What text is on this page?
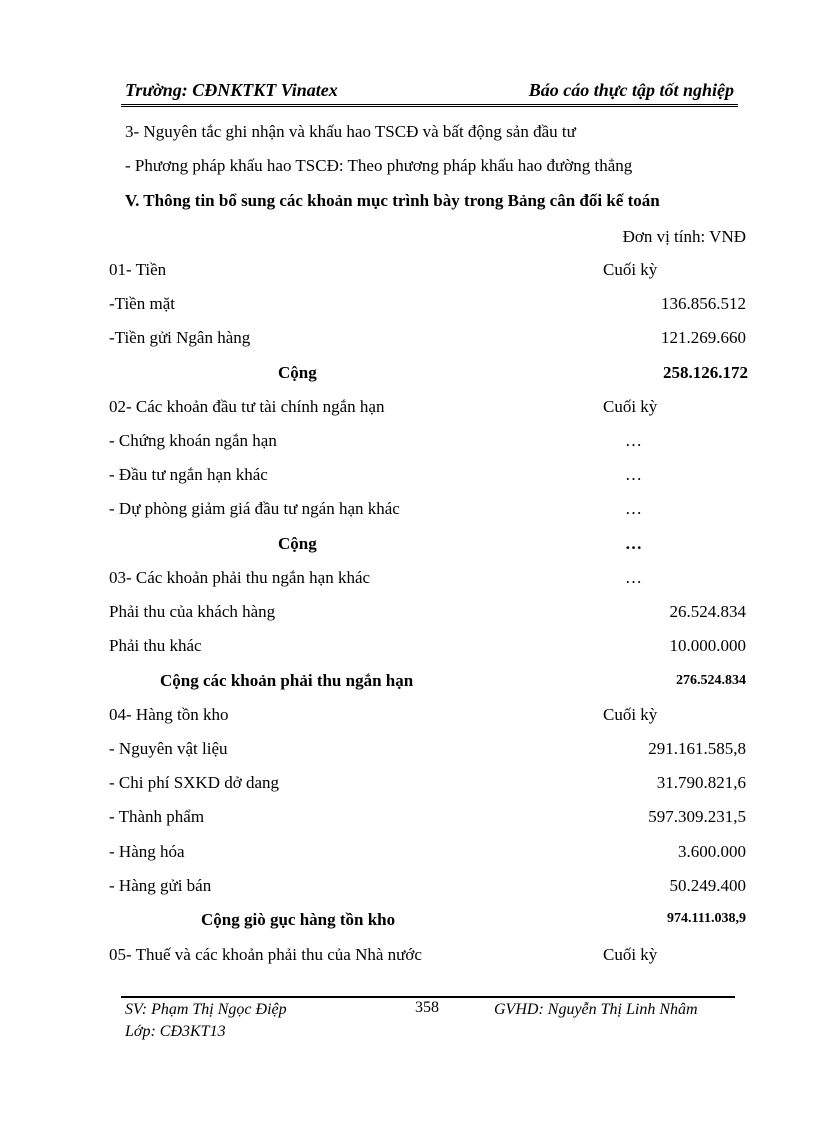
Trường: CĐNKTKT Vinatex	Báo cáo thực tập tốt nghiệp
3- Nguyên tắc ghi nhận và khấu hao TSCĐ và bất động sản đầu tư
- Phương pháp khấu hao TSCĐ: Theo phương pháp khấu hao đường thẳng
V. Thông tin bổ sung các khoản mục trình bày trong Bảng cân đối kế toán
Đơn vị tính: VNĐ
01- Tiền	Cuối kỳ
-Tiền mặt	136.856.512
-Tiền gửi Ngân hàng	121.269.660
Cộng	258.126.172
02- Các khoản đầu tư tài chính ngắn hạn	Cuối kỳ
- Chứng khoán ngắn hạn	…
- Đầu tư ngắn hạn khác	…
- Dự phòng giảm giá đầu tư ngán hạn khác	…
Cộng	…
03- Các khoản phải thu ngắn hạn khác	…
Phải thu của khách hàng	26.524.834
Phải thu khác	10.000.000
Cộng các khoản phải thu ngắn hạn	276.524.834
04- Hàng tồn kho	Cuối kỳ
- Nguyên vật liệu	291.161.585,8
- Chi phí SXKD dở dang	31.790.821,6
- Thành phẩm	597.309.231,5
- Hàng hóa	3.600.000
- Hàng gửi bán	50.249.400
Cộng giò gục hàng tồn kho	974.111.038,9
05- Thuế và các khoản phải thu của Nhà nước	Cuối kỳ
SV: Phạm Thị Ngọc Điệp	358	GVHD: Nguyễn Thị Linh Nhâm
Lớp: CĐ3KT13
